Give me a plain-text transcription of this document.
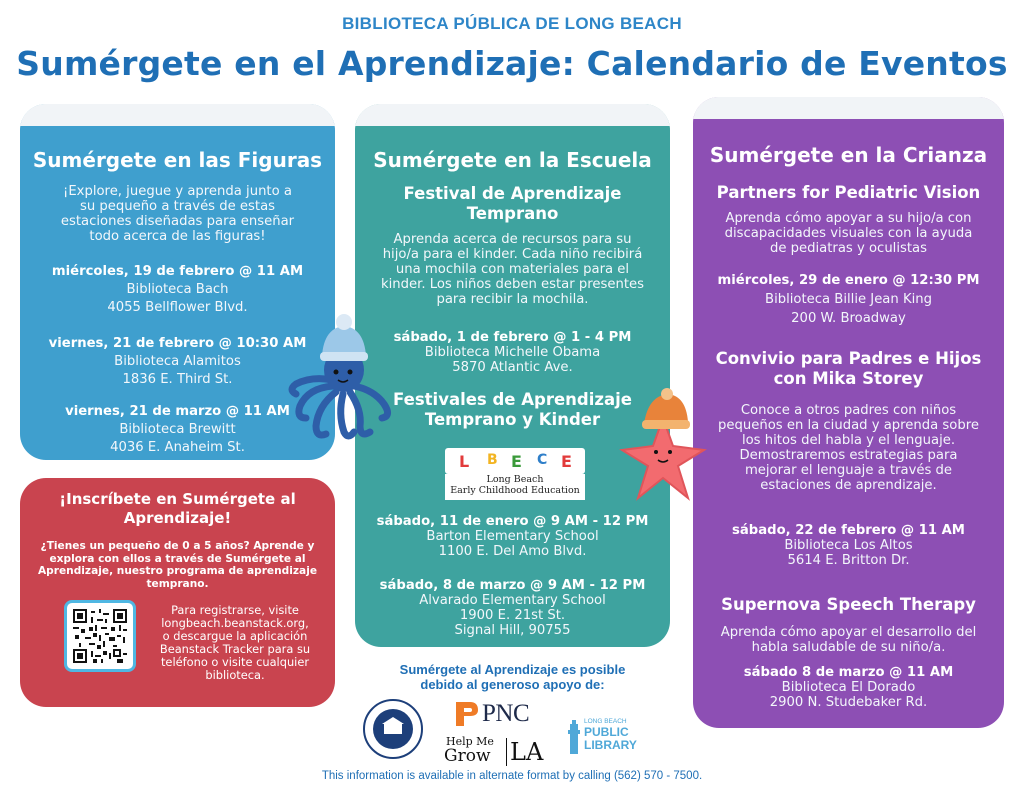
BIBLIOTECA PÚBLICA DE LONG BEACH
Sumérgete en el Aprendizaje: Calendario de Eventos
Sumérgete en las Figuras
¡Explore, juegue y aprenda junto a
su pequeño a través de estas
estaciones diseñadas para enseñar
todo acerca de las figuras!
miércoles, 19 de febrero @ 11 AM
Biblioteca Bach
4055 Bellflower Blvd.
viernes, 21 de febrero @ 10:30 AM
Biblioteca Alamitos
1836 E. Third St.
viernes, 21 de marzo @ 11 AM
Biblioteca Brewitt
4036 E. Anaheim St.
Sumérgete en la Escuela
Festival de Aprendizaje
Temprano
Aprenda acerca de recursos para su
hijo/a para el kinder. Cada niño recibirá
una mochila con materiales para el
kinder. Los niños deben estar presentes
para recibir la mochila.
sábado, 1 de febrero @ 1 - 4 PM
Biblioteca Michelle Obama
5870 Atlantic Ave.
Festivales de Aprendizaje
Temprano y Kinder
L B E C E
Long Beach
Early Childhood Education
sábado, 11 de enero @ 9 AM - 12 PM
Barton Elementary School
1100 E. Del Amo Blvd.
sábado, 8 de marzo @ 9 AM - 12 PM
Alvarado Elementary School
1900 E. 21st St.
Signal Hill, 90755
Sumérgete en la Crianza
Partners for Pediatric Vision
Aprenda cómo apoyar a su hijo/a con
discapacidades visuales con la ayuda
de pediatras y oculistas
miércoles, 29 de enero @ 12:30 PM
Biblioteca Billie Jean King
200 W. Broadway
Convivio para Padres e Hijos
con Mika Storey
Conoce a otros padres con niños
pequeños en la ciudad y aprenda sobre
los hitos del habla y el lenguaje.
Demostraremos estrategias para
mejorar el lenguaje a través de
estaciones de aprendizaje.
sábado, 22 de febrero @ 11 AM
Biblioteca Los Altos
5614 E. Britton Dr.
Supernova Speech Therapy
Aprenda cómo apoyar el desarrollo del
habla saludable de su niño/a.
sábado 8 de marzo @ 11 AM
Biblioteca El Dorado
2900 N. Studebaker Rd.
¡Inscríbete en Sumérgete al
Aprendizaje!
¿Tienes un pequeño de 0 a 5 años? Aprende y
explora con ellos a través de Sumérgete al
Aprendizaje, nuestro programa de aprendizaje
temprano.
Para registrarse, visite
longbeach.beanstack.org,
o descargue la aplicación
Beanstack Tracker para su
teléfono o visite cualquier
biblioteca.	Sumérgete al Aprendizaje es posible
debido al generoso apoyo de:
PNC
Help Me
Grow LA
LONG BEACH
PUBLIC
LIBRARY
This information is available in alternate format by calling (562) 570 - 7500.
